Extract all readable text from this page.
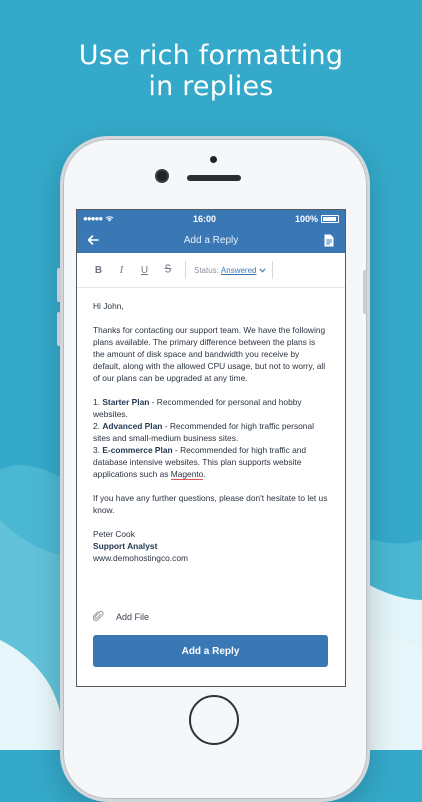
Use rich formatting
in replies
●●●●●	16:00	100%
Add a Reply
B	I	U	Status: Answered

Hi John,

Thanks for contacting our support team. We have the following plans available. The primary difference between the plans is the amount of disk space and bandwidth you receive by default, along with the allowed CPU usage, but not to worry, all of our plans can be upgraded at any time.

1. Starter Plan - Recommended for personal and hobby websites.
2. Advanced Plan - Recommended for high traffic personal sites and small-medium business sites.
3. E-commerce Plan - Recommended for high traffic and database intensive websites. This plan supports website applications such as Magento.

If you have any further questions, please don't hesitate to let us know.

Peter Cook
Support Analyst
www.demohostingco.com

Add File
Add a Reply
